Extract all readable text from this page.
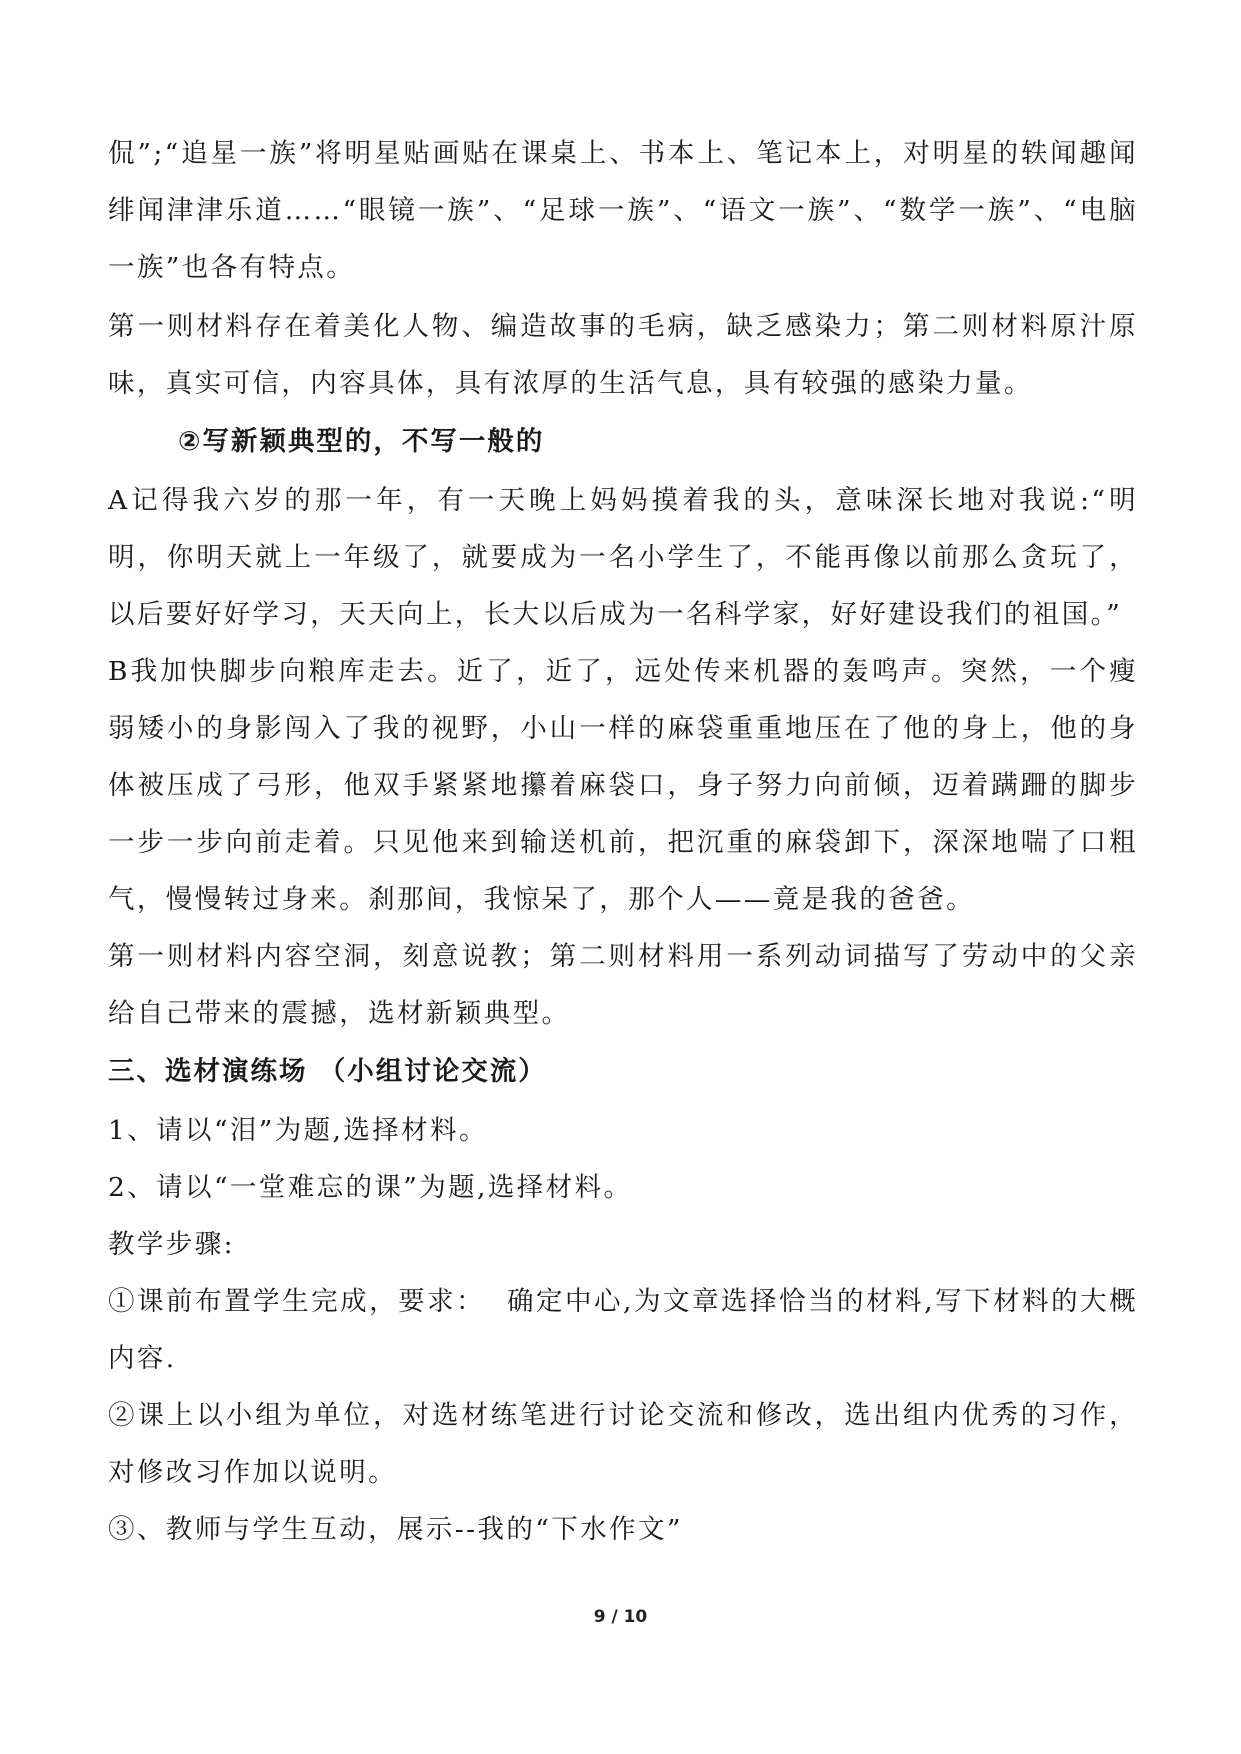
侃”;“追星一族”将明星贴画贴在课桌上、书本上、笔记本上，对明星的轶闻趣闻绯闻津津乐道……“眼镜一族”、“足球一族”、“语文一族”、“数学一族”、“电脑一族”也各有特点。

第一则材料存在着美化人物、编造故事的毛病，缺乏感染力；第二则材料原汁原味，真实可信，内容具体，具有浓厚的生活气息，具有较强的感染力量。

②写新颖典型的，不写一般的

A记得我六岁的那一年，有一天晚上妈妈摸着我的头，意味深长地对我说:“明明，你明天就上一年级了，就要成为一名小学生了，不能再像以前那么贪玩了，以后要好好学习，天天向上，长大以后成为一名科学家，好好建设我们的祖国。”

B我加快脚步向粮库走去。近了，近了，远处传来机器的轰鸣声。突然，一个瘦弱矮小的身影闯入了我的视野，小山一样的麻袋重重地压在了他的身上，他的身体被压成了弓形，他双手紧紧地攥着麻袋口，身子努力向前倾，迈着蹒跚的脚步一步一步向前走着。只见他来到输送机前，把沉重的麻袋卸下，深深地喘了口粗气，慢慢转过身来。刹那间，我惊呆了，那个人——竟是我的爸爸。

第一则材料内容空洞，刻意说教；第二则材料用一系列动词描写了劳动中的父亲给自己带来的震撼，选材新颖典型。

三、选材演练场 （小组讨论交流）

1、请以“泪”为题,选择材料。

2、请以“一堂难忘的课”为题,选择材料。

教学步骤:

①课前布置学生完成，要求：  确定中心,为文章选择恰当的材料,写下材料的大概内容.

②课上以小组为单位，对选材练笔进行讨论交流和修改，选出组内优秀的习作，对修改习作加以说明。

③、教师与学生互动，展示--我的“下水作文”

9 / 10
